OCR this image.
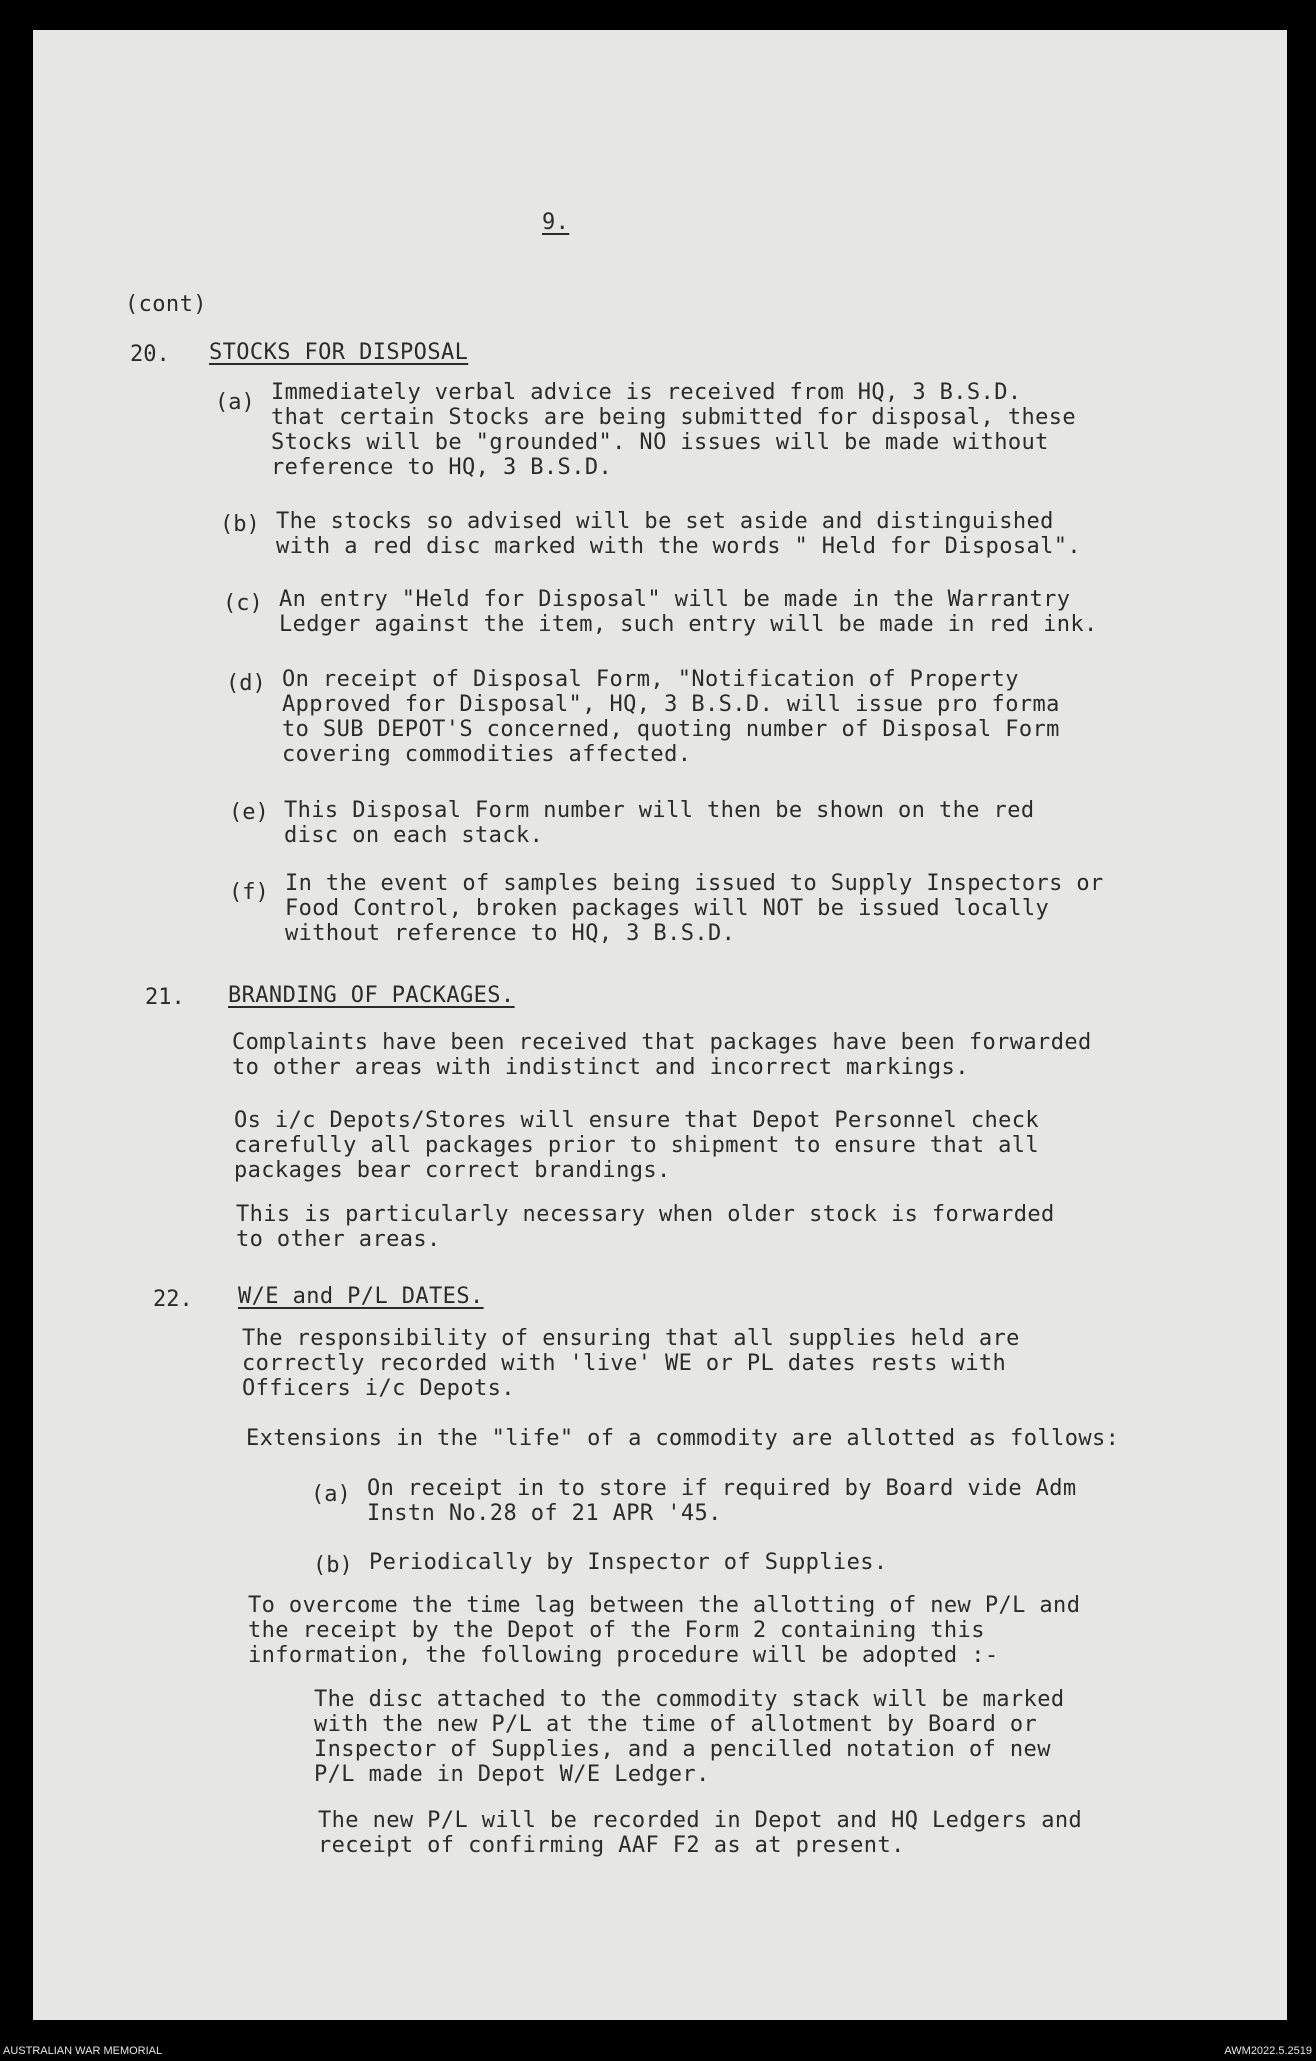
9.
(cont)
20. STOCKS FOR DISPOSAL
(a) Immediately verbal advice is received from HQ, 3 B.S.D.
that certain Stocks are being submitted for disposal, these
Stocks will be "grounded". NO issues will be made without
reference to HQ, 3 B.S.D.
(b) The stocks so advised will be set aside and distinguished
with a red disc marked with the words " Held for Disposal".
(c) An entry "Held for Disposal" will be made in the Warrantry
Ledger against the item, such entry will be made in red ink.
(d) On receipt of Disposal Form, "Notification of Property
Approved for Disposal", HQ, 3 B.S.D. will issue pro forma
to SUB DEPOT'S concerned, quoting number of Disposal Form
covering commodities affected.
(e) This Disposal Form number will then be shown on the red
disc on each stack.
(f) In the event of samples being issued to Supply Inspectors or
Food Control, broken packages will NOT be issued locally
without reference to HQ, 3 B.S.D.
21. BRANDING OF PACKAGES.
Complaints have been received that packages have been forwarded
to other areas with indistinct and incorrect markings.
Os i/c Depots/Stores will ensure that Depot Personnel check
carefully all packages prior to shipment to ensure that all
packages bear correct brandings.
This is particularly necessary when older stock is forwarded
to other areas.
22. W/E and P/L DATES.
The responsibility of ensuring that all supplies held are
correctly recorded with 'live' WE or PL dates rests with
Officers i/c Depots.
Extensions in the "life" of a commodity are allotted as follows:
(a) On receipt in to store if required by Board vide Adm
Instn No.28 of 21 APR '45.
(b) Periodically by Inspector of Supplies.
To overcome the time lag between the allotting of new P/L and
the receipt by the Depot of the Form 2 containing this
information, the following procedure will be adopted :-
The disc attached to the commodity stack will be marked
with the new P/L at the time of allotment by Board or
Inspector of Supplies, and a pencilled notation of new
P/L made in Depot W/E Ledger.
The new P/L will be recorded in Depot and HQ Ledgers and
receipt of confirming AAF F2 as at present.
AUSTRALIAN WAR MEMORIAL	AWM2022.5.2519
